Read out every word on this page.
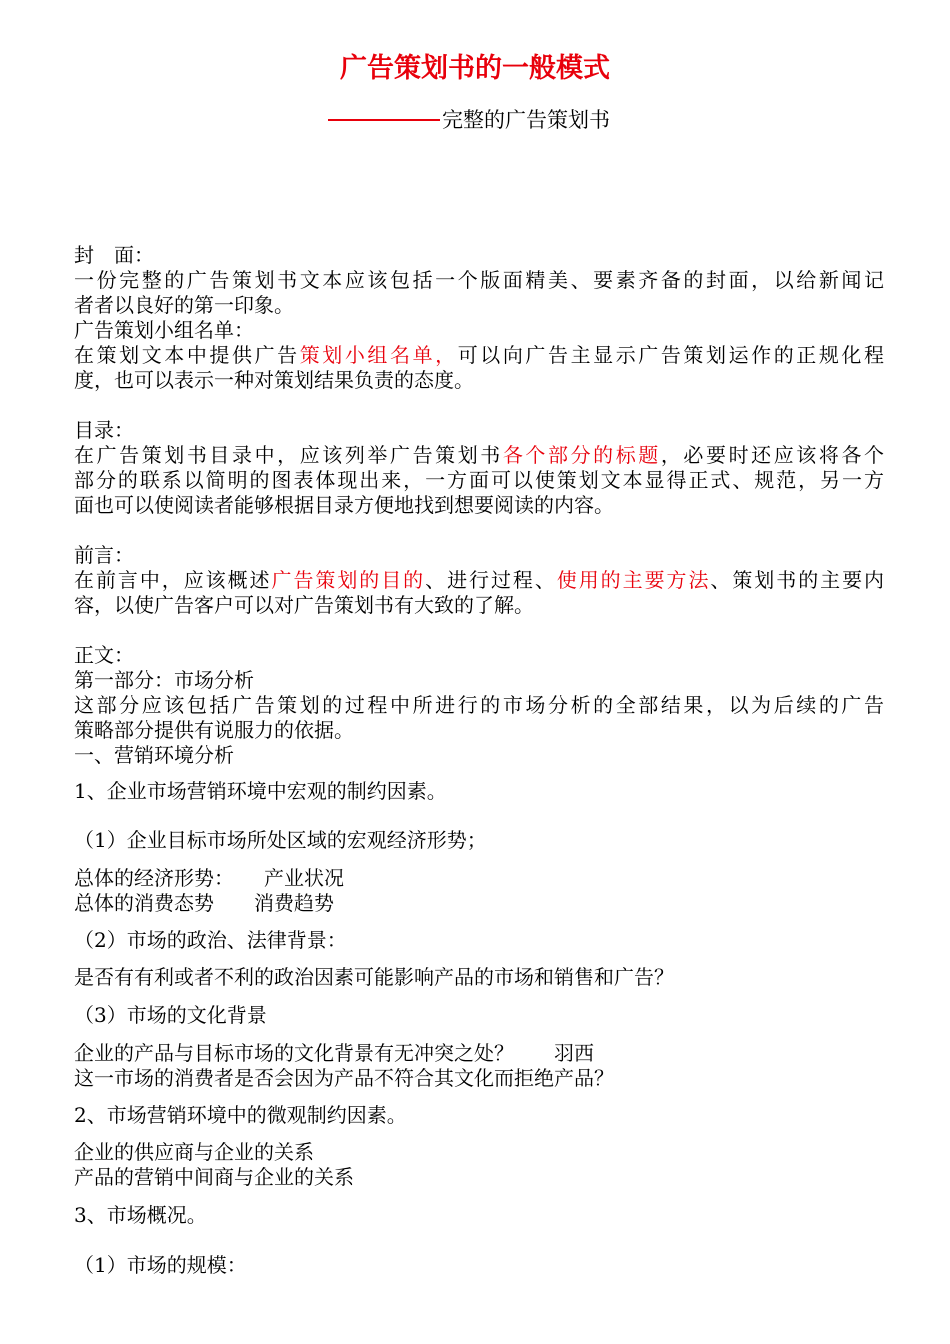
广告策划书的一般模式
完整的广告策划书
封　面：
一份完整的广告策划书文本应该包括一个版面精美、要素齐备的封面，以给新闻记
者者以良好的第一印象。
广告策划小组名单：
在策划文本中提供广告策划小组名单，可以向广告主显示广告策划运作的正规化程
度，也可以表示一种对策划结果负责的态度。
目录：
在广告策划书目录中，应该列举广告策划书各个部分的标题，必要时还应该将各个
部分的联系以简明的图表体现出来，一方面可以使策划文本显得正式、规范，另一方
面也可以使阅读者能够根据目录方便地找到想要阅读的内容。
前言：
在前言中，应该概述广告策划的目的、进行过程、使用的主要方法、策划书的主要内
容，以使广告客户可以对广告策划书有大致的了解。
正文：
第一部分：市场分析
这部分应该包括广告策划的过程中所进行的市场分析的全部结果，以为后续的广告
策略部分提供有说服力的依据。
一、营销环境分析
1、企业市场营销环境中宏观的制约因素。
（1）企业目标市场所处区域的宏观经济形势；
总体的经济形势：　　产业状况
总体的消费态势　　消费趋势
（2）市场的政治、法律背景：
是否有有利或者不利的政治因素可能影响产品的市场和销售和广告？
（3）市场的文化背景
企业的产品与目标市场的文化背景有无冲突之处？　　羽西
这一市场的消费者是否会因为产品不符合其文化而拒绝产品？
2、市场营销环境中的微观制约因素。
企业的供应商与企业的关系
产品的营销中间商与企业的关系
3、市场概况。
（1）市场的规模：
